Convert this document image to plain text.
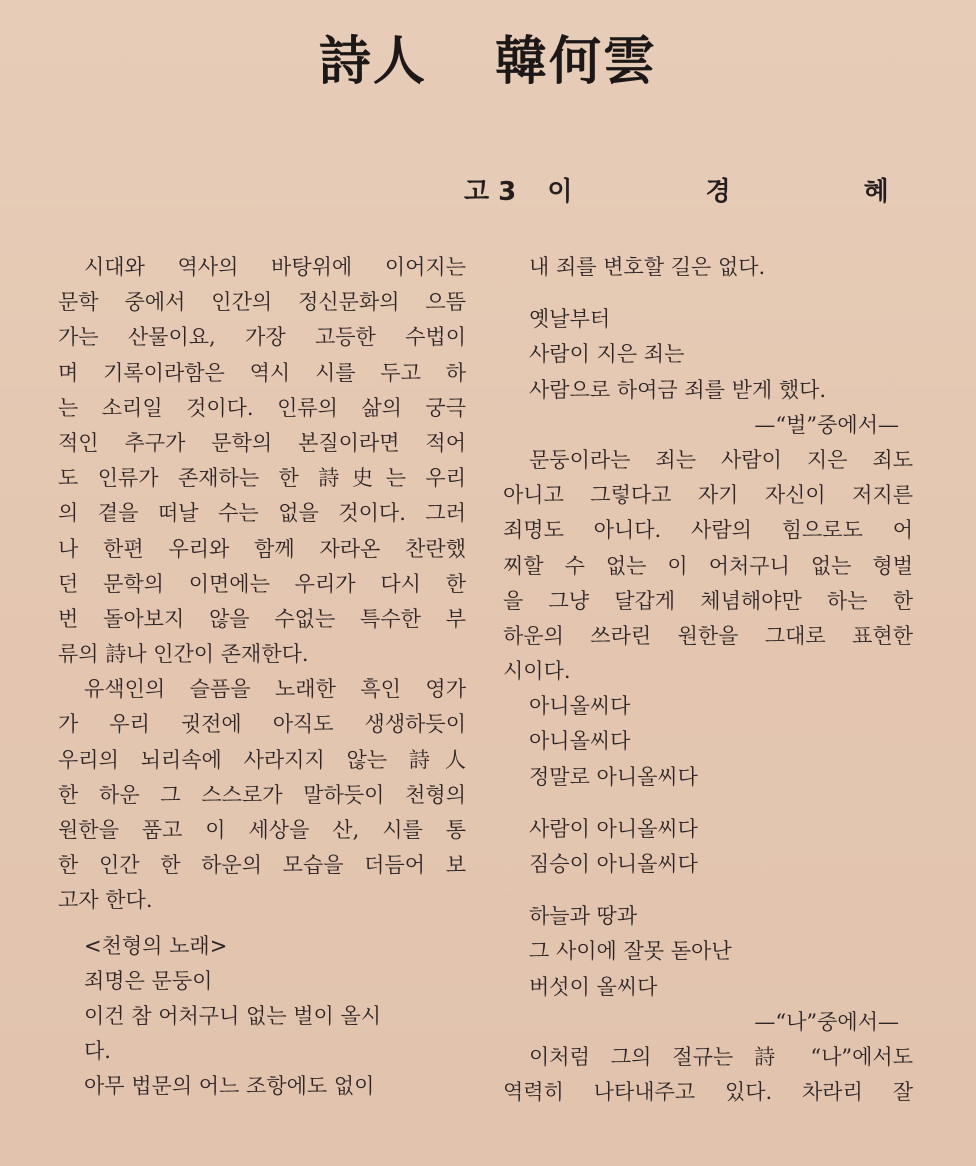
詩人 韓何雲
고 3 이 경 혜

시대와 역사의 바탕위에 이어지는
문학 중에서 인간의 정신문화의 으뜸
가는 산물이요, 가장 고등한 수법이
며 기록이라함은 역시 시를 두고 하
는 소리일 것이다. 인류의 삶의 궁극
적인 추구가 문학의 본질이라면 적어
도 인류가 존재하는 한 詩史는 우리
의 곁을 떠날 수는 없을 것이다. 그러
나 한편 우리와 함께 자라온 찬란했
던 문학의 이면에는 우리가 다시 한
번 돌아보지 않을 수없는 특수한 부
류의 詩나 인간이 존재한다.

유색인의 슬픔을 노래한 흑인 영가
가 우리 귓전에 아직도 생생하듯이
우리의 뇌리속에 사라지지 않는 詩人
한 하운 그 스스로가 말하듯이 천형의
원한을 품고 이 세상을 산, 시를 통
한 인간 한 하운의 모습을 더듬어 보
고자 한다.

<천형의 노래>
죄명은 문둥이
이건 참 어처구니 없는 벌이 올시
다.
아무 법문의 어느 조항에도 없이
내 죄를 변호할 길은 없다.
옛날부터
사람이 지은 죄는
사람으로 하여금 죄를 받게 했다.
—“벌”중에서—

문둥이라는 죄는 사람이 지은 죄도
아니고 그렇다고 자기 자신이 저지른
죄명도 아니다. 사람의 힘으로도 어
찌할 수 없는 이 어처구니 없는 형벌
을 그냥 달갑게 체념해야만 하는 한
하운의 쓰라린 원한을 그대로 표현한
시이다.

아니올씨다
아니올씨다
정말로 아니올씨다
사람이 아니올씨다
짐승이 아니올씨다
하늘과 땅과
그 사이에 잘못 돋아난
버섯이 올씨다
—“나”중에서—

이처럼 그의 절규는 詩 “나”에서도
역력히 나타내주고 있다. 차라리 잘
